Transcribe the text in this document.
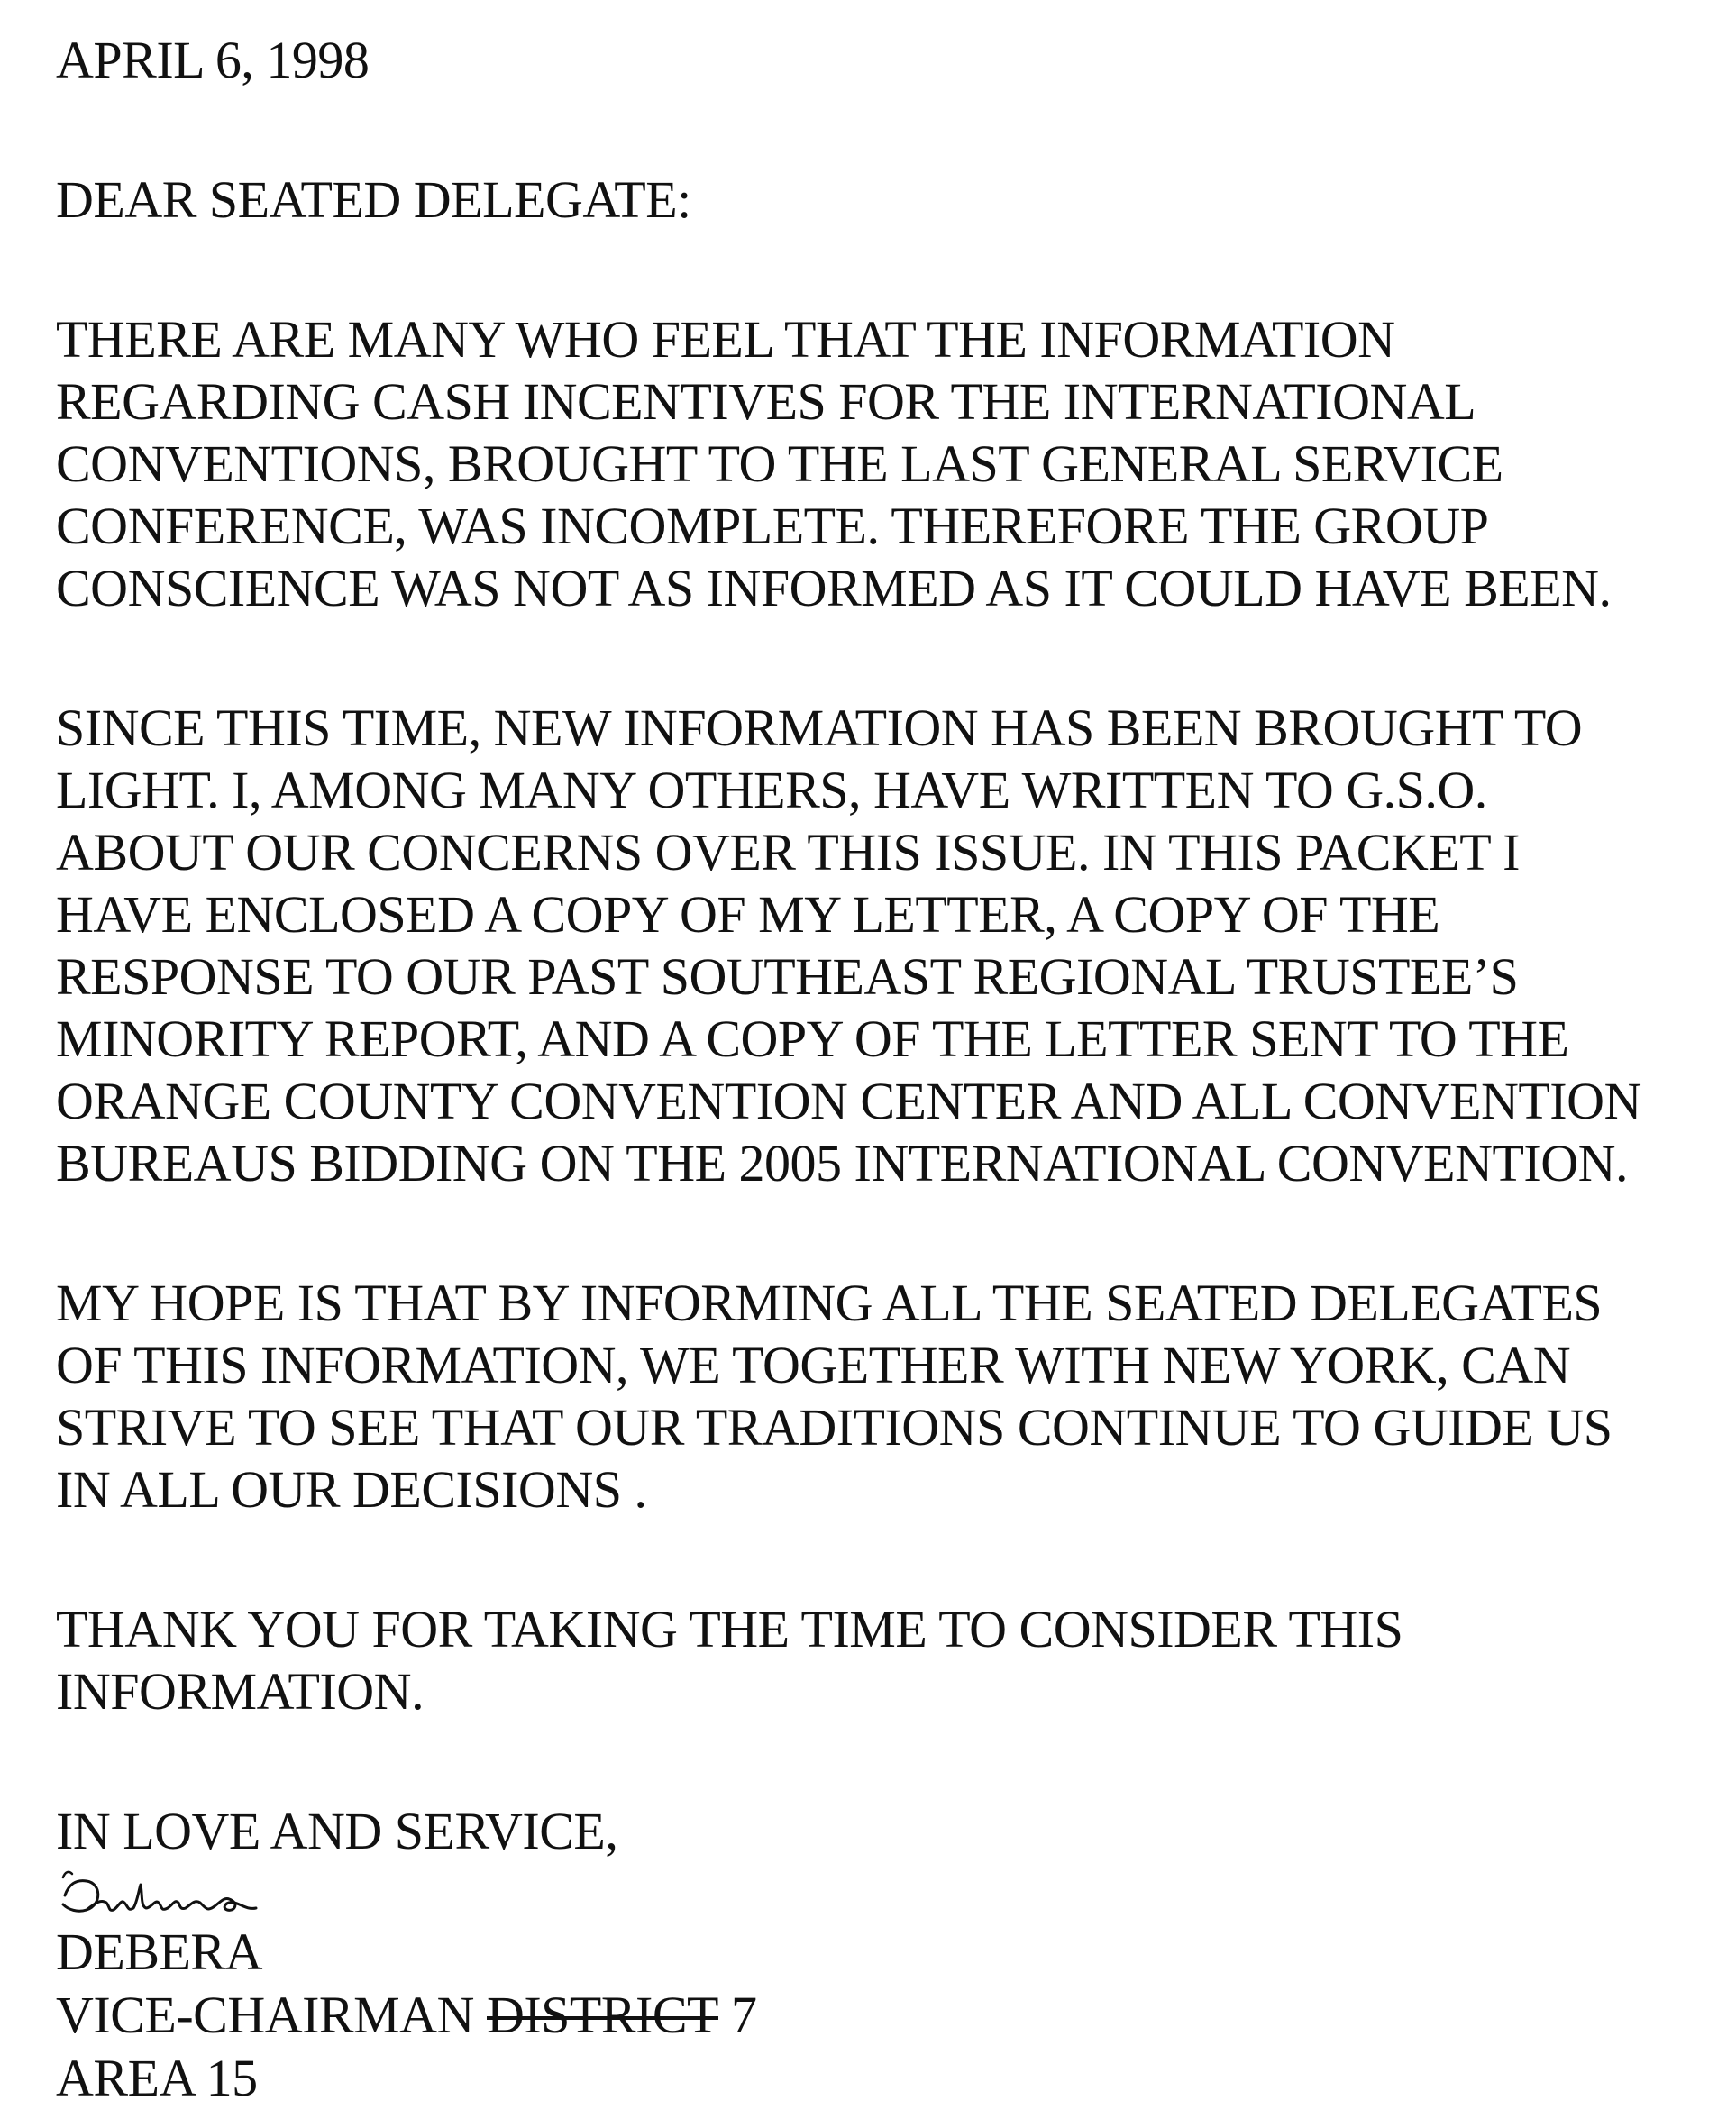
APRIL 6, 1998
DEAR SEATED DELEGATE:
THERE ARE MANY WHO FEEL THAT THE INFORMATION
REGARDING CASH INCENTIVES FOR THE INTERNATIONAL
CONVENTIONS, BROUGHT TO THE LAST GENERAL SERVICE
CONFERENCE, WAS INCOMPLETE. THEREFORE THE GROUP
CONSCIENCE WAS NOT AS INFORMED AS IT COULD HAVE BEEN.
SINCE THIS TIME, NEW INFORMATION HAS BEEN BROUGHT TO
LIGHT. I, AMONG MANY OTHERS, HAVE WRITTEN TO G.S.O.
ABOUT OUR CONCERNS OVER THIS ISSUE. IN THIS PACKET I
HAVE ENCLOSED A COPY OF MY LETTER, A COPY OF THE
RESPONSE TO OUR PAST SOUTHEAST REGIONAL TRUSTEE’S
MINORITY REPORT, AND A COPY OF THE LETTER SENT TO THE
ORANGE COUNTY CONVENTION CENTER AND ALL CONVENTION
BUREAUS BIDDING ON THE 2005 INTERNATIONAL CONVENTION.
MY HOPE IS THAT BY INFORMING ALL THE SEATED DELEGATES
OF THIS INFORMATION, WE TOGETHER WITH NEW YORK, CAN
STRIVE TO SEE THAT OUR TRADITIONS CONTINUE TO GUIDE US
IN ALL OUR DECISIONS .
THANK YOU FOR TAKING THE TIME TO CONSIDER THIS
INFORMATION.
IN LOVE AND SERVICE,
DEBERA
VICE-CHAIRMAN DISTRICT 7
AREA 15
